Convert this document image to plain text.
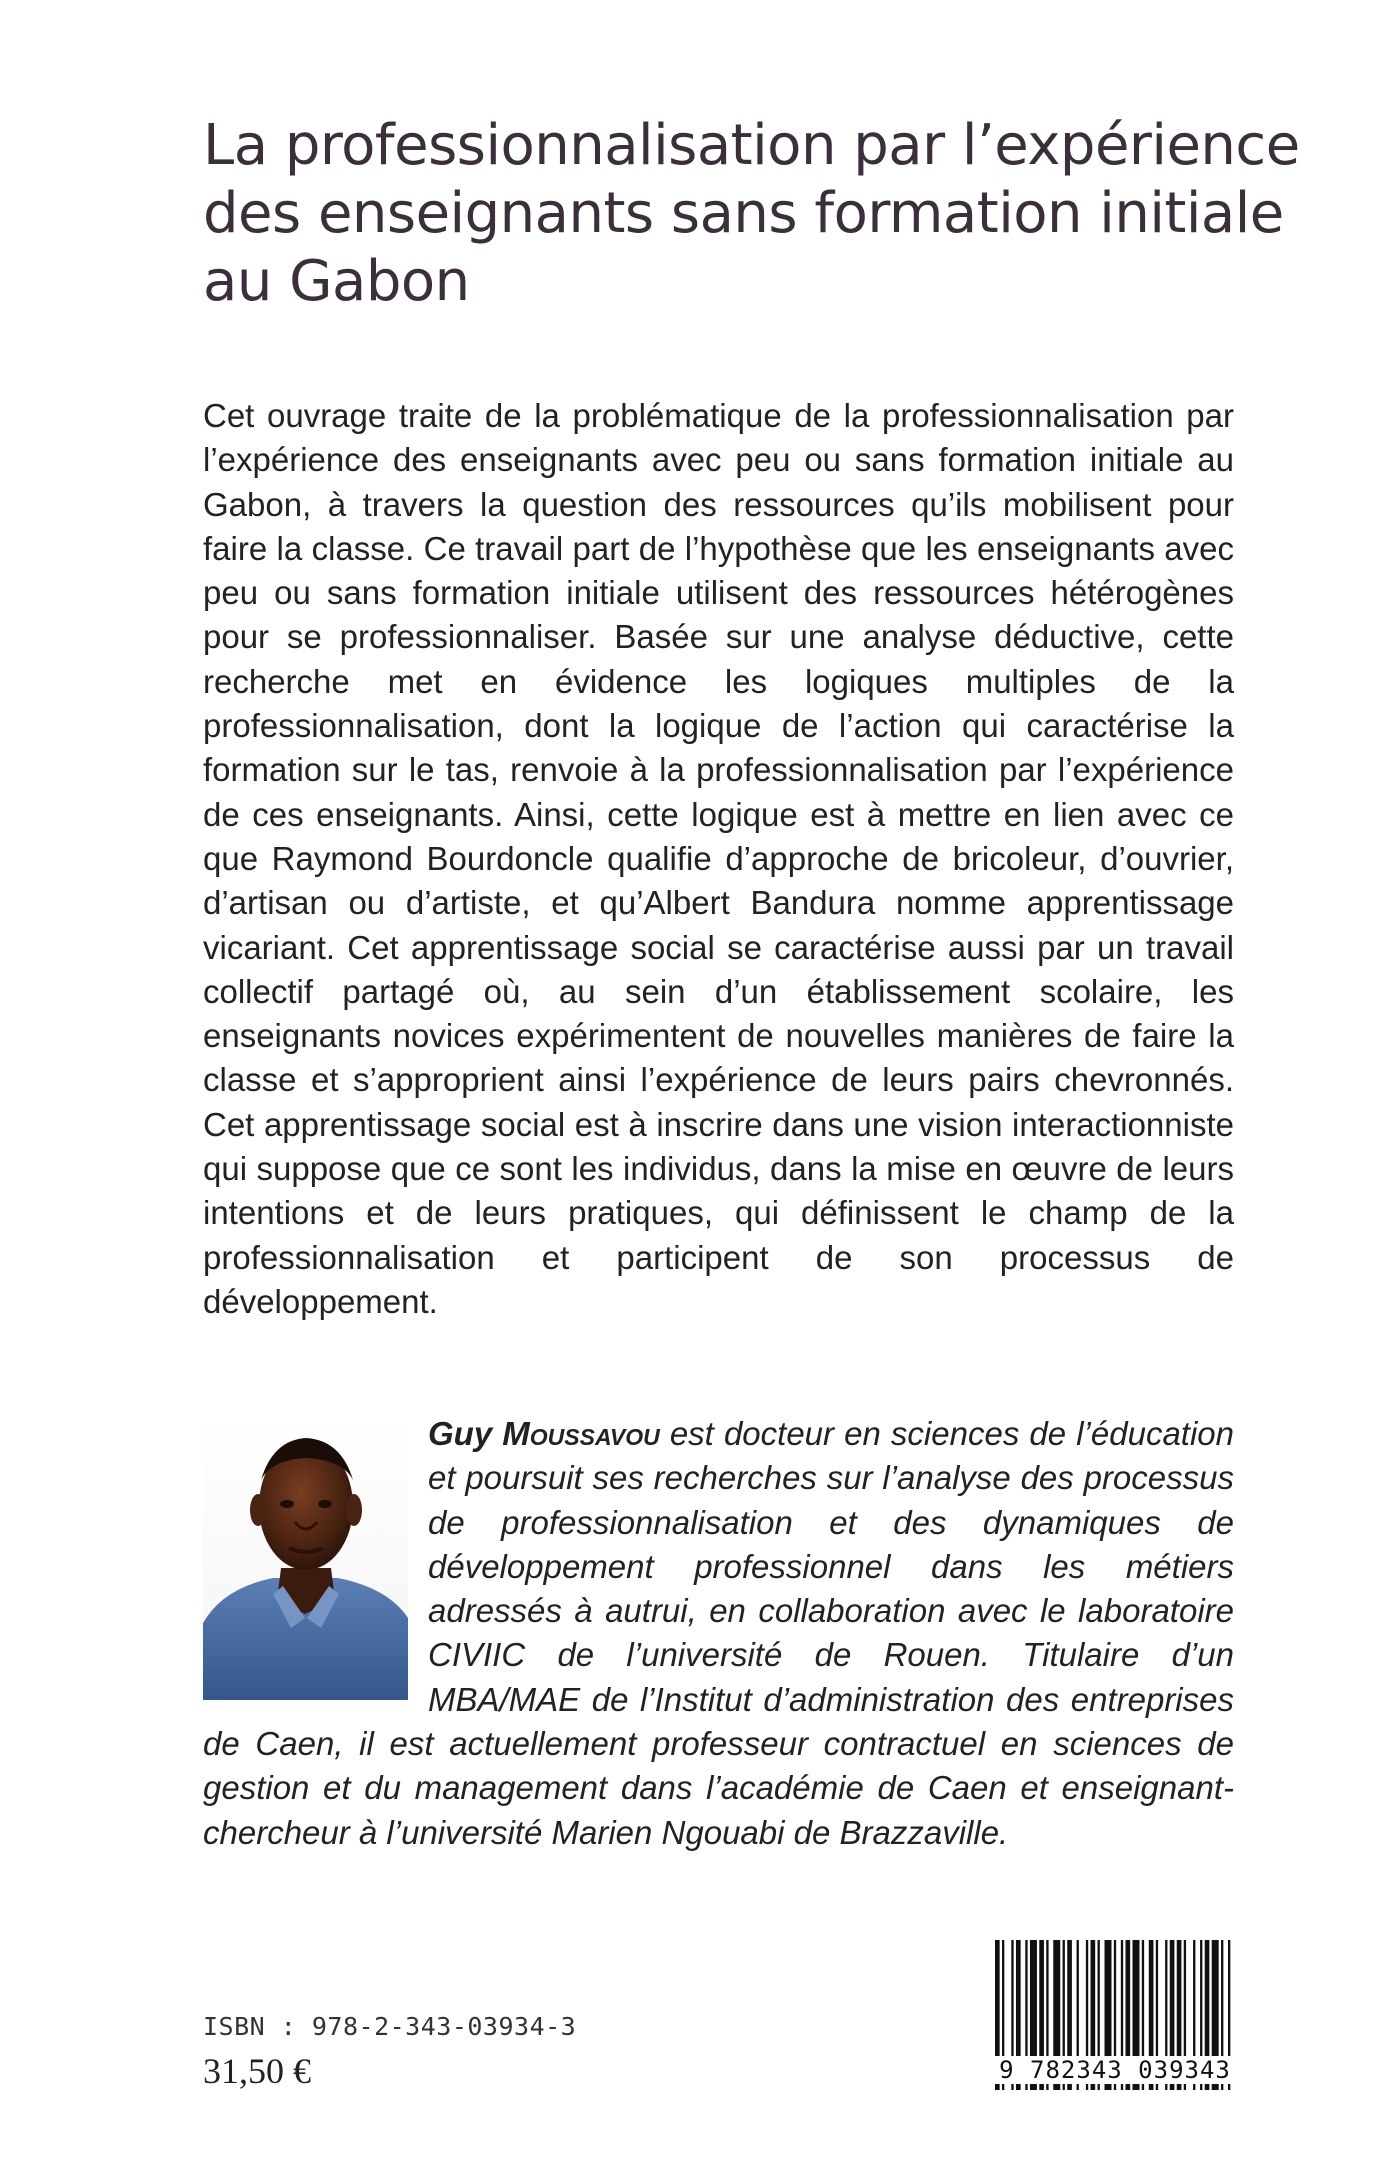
La professionnalisation par l’expérience
des enseignants sans formation initiale
au Gabon

Cet ouvrage traite de la problématique de la professionnalisation par l’expérience des enseignants avec peu ou sans formation initiale au Gabon, à travers la question des ressources qu’ils mobilisent pour faire la classe. Ce travail part de l’hypothèse que les enseignants avec peu ou sans formation initiale utilisent des ressources hétérogènes pour se professionnaliser. Basée sur une analyse déductive, cette recherche met en évidence les logiques multiples de la professionnalisation, dont la logique de l’action qui caractérise la formation sur le tas, renvoie à la professionnalisation par l’expérience de ces enseignants. Ainsi, cette logique est à mettre en lien avec ce que Raymond Bourdoncle qualifie d’approche de bricoleur, d’ouvrier, d’artisan ou d’artiste, et qu’Albert Bandura nomme apprentissage vicariant. Cet apprentissage social se caractérise aussi par un travail collectif partagé où, au sein d’un établissement scolaire, les enseignants novices expérimentent de nouvelles manières de faire la classe et s’approprient ainsi l’expérience de leurs pairs chevronnés. Cet apprentissage social est à inscrire dans une vision interactionniste qui suppose que ce sont les individus, dans la mise en œuvre de leurs intentions et de leurs pratiques, qui définissent le champ de la professionnalisation et participent de son processus de développement.

Guy Moussavou est docteur en sciences de l’éducation et poursuit ses recherches sur l’analyse des processus de professionnalisation et des dynamiques de développement professionnel dans les métiers adressés à autrui, en collaboration avec le laboratoire CIVIIC de l’université de Rouen. Titulaire d’un MBA/MAE de l’Institut d’administration des entreprises de Caen, il est actuellement professeur contractuel en sciences de gestion et du management dans l’académie de Caen et enseignant-chercheur à l’université Marien Ngouabi de Brazzaville.
ISBN : 978-2-343-03934-3
31,50 €	9 782343 039343
